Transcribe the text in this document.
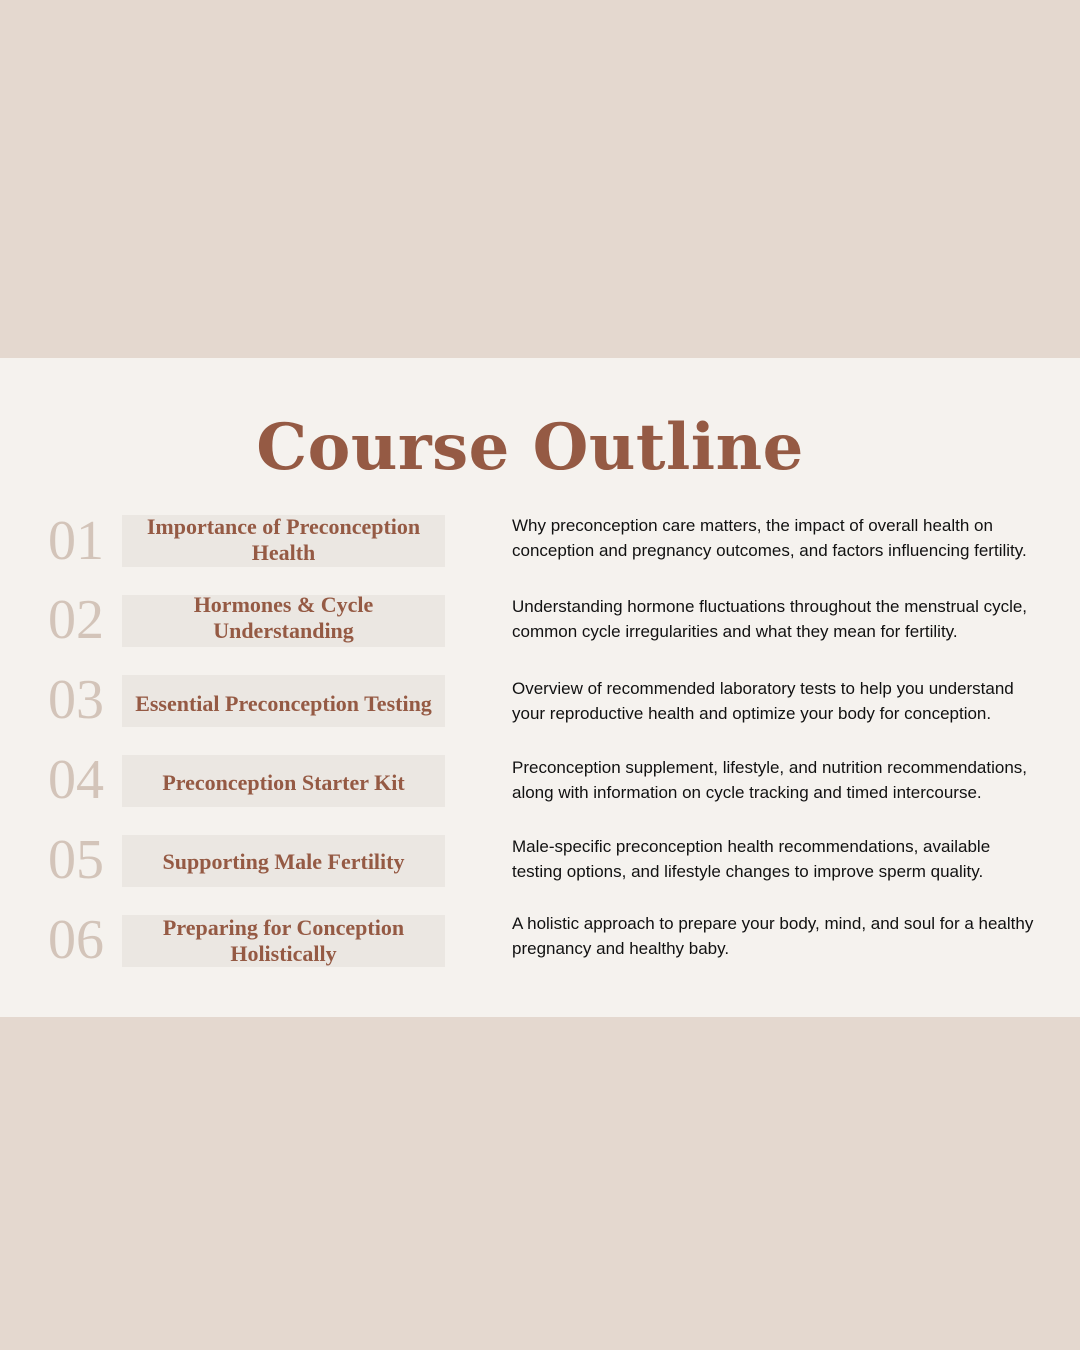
Course Outline
01	Importance of Preconception Health
Why preconception care matters, the impact of overall health on conception and pregnancy outcomes, and factors influencing fertility.
02	Hormones & Cycle Understanding
Understanding hormone fluctuations throughout the menstrual cycle, common cycle irregularities and what they mean for fertility.
03	Essential Preconception Testing
Overview of recommended laboratory tests to help you understand your reproductive health and optimize your body for conception.
04	Preconception Starter Kit
Preconception supplement, lifestyle, and nutrition recommendations, along with information on cycle tracking and timed intercourse.
05	Supporting Male Fertility
Male-specific preconception health recommendations, available testing options, and lifestyle changes to improve sperm quality.
06	Preparing for Conception Holistically
A holistic approach to prepare your body, mind, and soul for a healthy pregnancy and healthy baby.
